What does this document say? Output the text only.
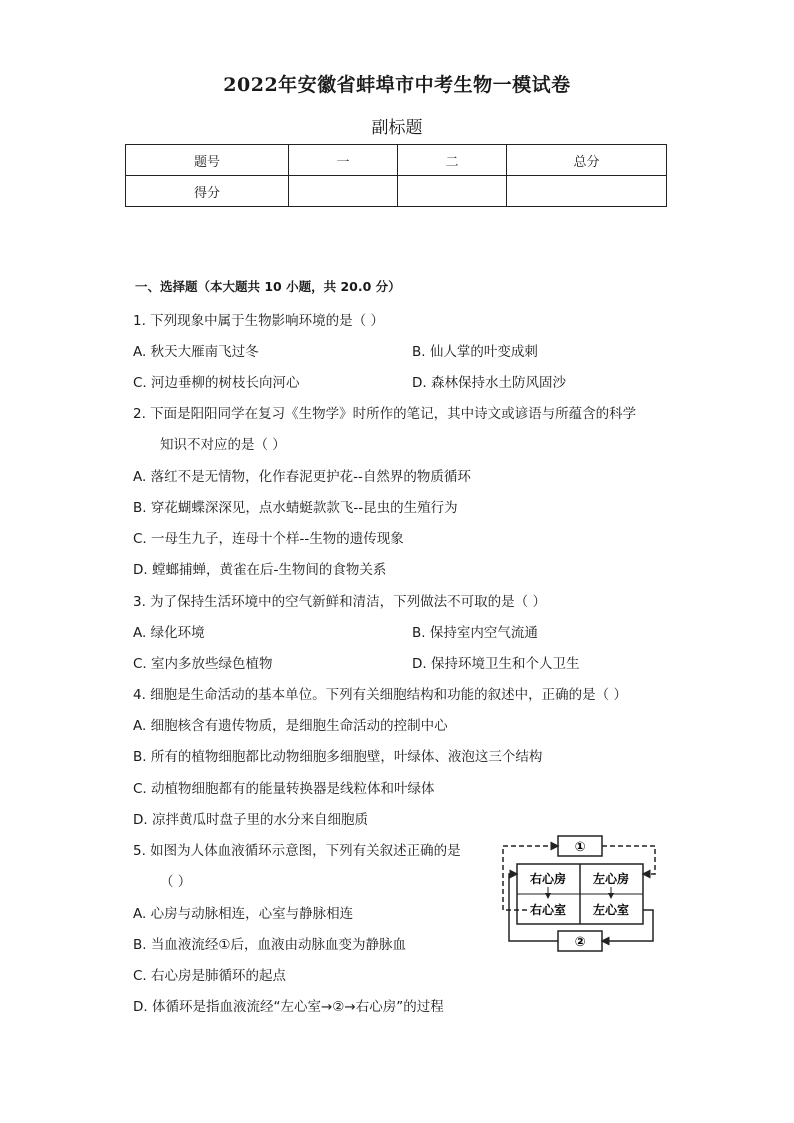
2022年安徽省蚌埠市中考生物一模试卷
副标题
题号	一	二	总分
得分			
一、选择题（本大题共 10 小题，共 20.0 分）
1. 下列现象中属于生物影响环境的是（ ）
A. 秋天大雁南飞过冬	B. 仙人掌的叶变成刺
C. 河边垂柳的树枝长向河心	D. 森林保持水土防风固沙
2. 下面是阳阳同学在复习《生物学》时所作的笔记，其中诗文或谚语与所蕴含的科学
知识不对应的是（ ）
A. 落红不是无情物，化作春泥更护花--自然界的物质循环
B. 穿花蝴蝶深深见，点水蜻蜓款款飞--昆虫的生殖行为
C. 一母生九子，连母十个样--生物的遗传现象
D. 螳螂捕蝉，黄雀在后-生物间的食物关系
3. 为了保持生活环境中的空气新鲜和清洁，下列做法不可取的是（ ）
A. 绿化环境	B. 保持室内空气流通
C. 室内多放些绿色植物	D. 保持环境卫生和个人卫生
4. 细胞是生命活动的基本单位。下列有关细胞结构和功能的叙述中，正确的是（ ）
A. 细胞核含有遗传物质，是细胞生命活动的控制中心
B. 所有的植物细胞都比动物细胞多细胞壁，叶绿体、液泡这三个结构
C. 动植物细胞都有的能量转换器是线粒体和叶绿体
D. 凉拌黄瓜时盘子里的水分来自细胞质
5. 如图为人体血液循环示意图，下列有关叙述正确的是
（ ）
A. 心房与动脉相连，心室与静脉相连
B. 当血液流经①后，血液由动脉血变为静脉血
C. 右心房是肺循环的起点
D. 体循环是指血液流经“左心室→②→右心房”的过程
①
②
右心房 左心房
右心室 左心室
